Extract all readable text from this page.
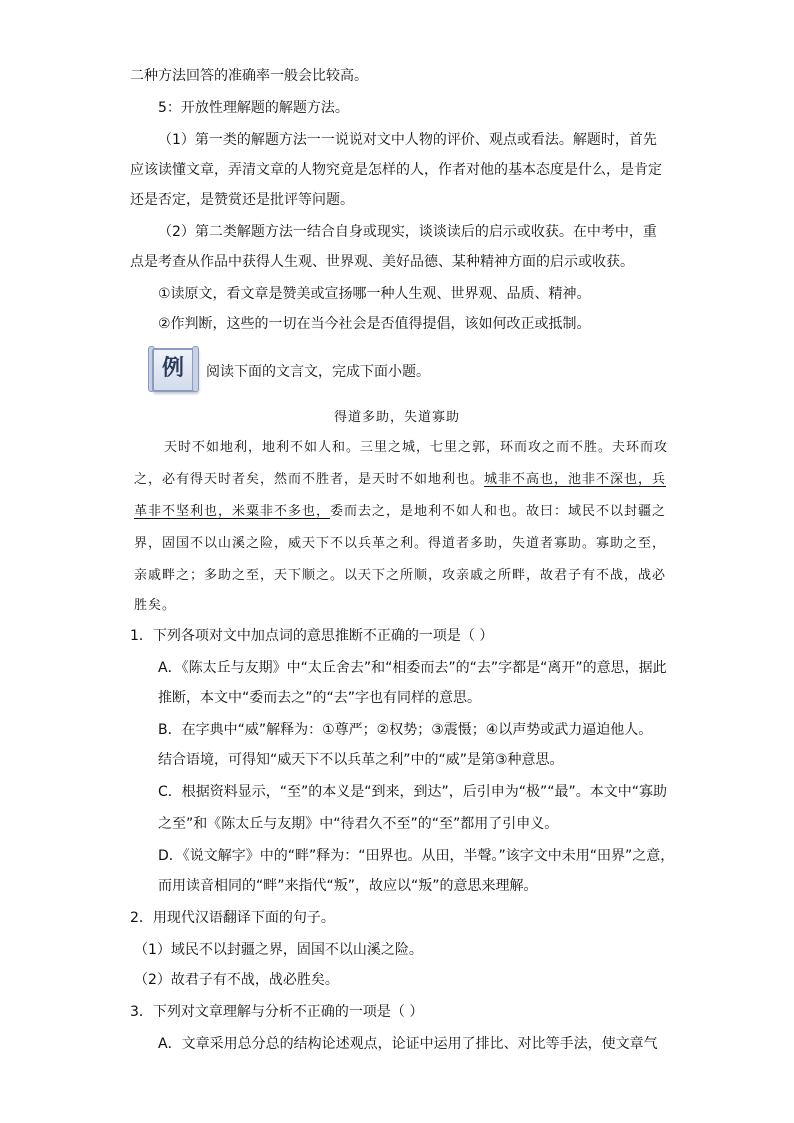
二种方法回答的准确率一般会比较高。
5：开放性理解题的解题方法。
（1）第一类的解题方法一一说说对文中人物的评价、观点或看法。解题时，首先
应该读懂文章，弄清文章的人物究竟是怎样的人，作者对他的基本态度是什么，是肯定
还是否定，是赞赏还是批评等问题。
（2）第二类解题方法一结合自身或现实，谈谈读后的启示或收获。在中考中，重
点是考查从作品中获得人生观、世界观、美好品德、某种精神方面的启示或收获。
①读原文，看文章是赞美或宣扬哪一种人生观、世界观、品质、精神。
②作判断，这些的一切在当今社会是否值得提倡，该如何改正或抵制。
例	阅读下面的文言文，完成下面小题。
得道多助，失道寡助
天时不如地利，地利不如人和。三里之城，七里之郭，环而攻之而不胜。夫环而攻
之，必有得天时者矣，然而不胜者，是天时不如地利也。城非不高也，池非不深也，兵
革非不坚利也，米粟非不多也，委而去之，是地利不如人和也。故曰：域民不以封疆之
界，固国不以山溪之险，威天下不以兵革之利。得道者多助，失道者寡助。寡助之至，
亲戚畔之；多助之至，天下顺之。以天下之所顺，攻亲戚之所畔，故君子有不战，战必
胜矣。
1．下列各项对文中加点词的意思推断不正确的一项是（ ）
A．《陈太丘与友期》中“太丘舍去”和“相委而去”的“去”字都是“离开”的意思，据此
推断，本文中“委而去之”的“去”字也有同样的意思。
B．在字典中“威”解释为：①尊严；②权势；③震慑；④以声势或武力逼迫他人。
结合语境，可得知“威天下不以兵革之利”中的“威”是第③种意思。
C．根据资料显示，“至”的本义是“到来，到达”，后引申为“极”“最”。本文中“寡助
之至”和《陈太丘与友期》中“待君久不至”的“至”都用了引申义。
D．《说文解字》中的“畔”释为：“田界也。从田，半聲。”该字文中未用“田界”之意，
而用读音相同的“畔”来指代“叛”，故应以“叛”的意思来理解。
2．用现代汉语翻译下面的句子。
（1）域民不以封疆之界，固国不以山溪之险。
（2）故君子有不战，战必胜矣。
3．下列对文章理解与分析不正确的一项是（ ）
A．文章采用总分总的结构论述观点，论证中运用了排比、对比等手法，使文章气
